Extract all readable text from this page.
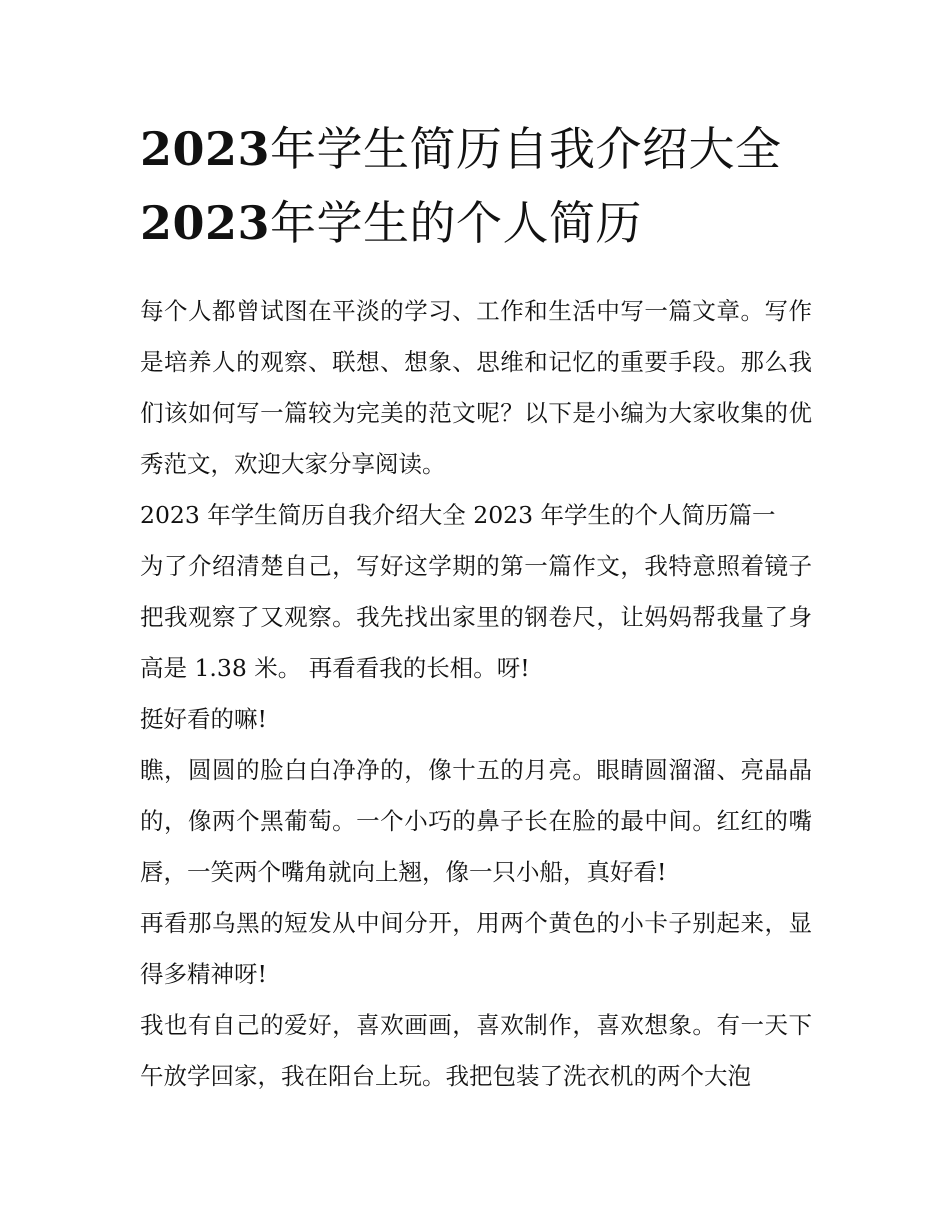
2023年学生简历自我介绍大全
2023年学生的个人简历

每个人都曾试图在平淡的学习、工作和生活中写一篇文章。写作是培养人的观察、联想、想象、思维和记忆的重要手段。那么我们该如何写一篇较为完美的范文呢？以下是小编为大家收集的优秀范文，欢迎大家分享阅读。

2023 年学生简历自我介绍大全 2023 年学生的个人简历篇一

为了介绍清楚自己，写好这学期的第一篇作文，我特意照着镜子把我观察了又观察。我先找出家里的钢卷尺，让妈妈帮我量了身高是 1.38 米。 再看看我的长相。呀!

挺好看的嘛!

瞧，圆圆的脸白白净净的，像十五的月亮。眼睛圆溜溜、亮晶晶的，像两个黑葡萄。一个小巧的鼻子长在脸的最中间。红红的嘴唇，一笑两个嘴角就向上翘，像一只小船，真好看!

再看那乌黑的短发从中间分开，用两个黄色的小卡子别起来，显得多精神呀!

我也有自己的爱好，喜欢画画，喜欢制作，喜欢想象。有一天下午放学回家，我在阳台上玩。我把包装了洗衣机的两个大泡
